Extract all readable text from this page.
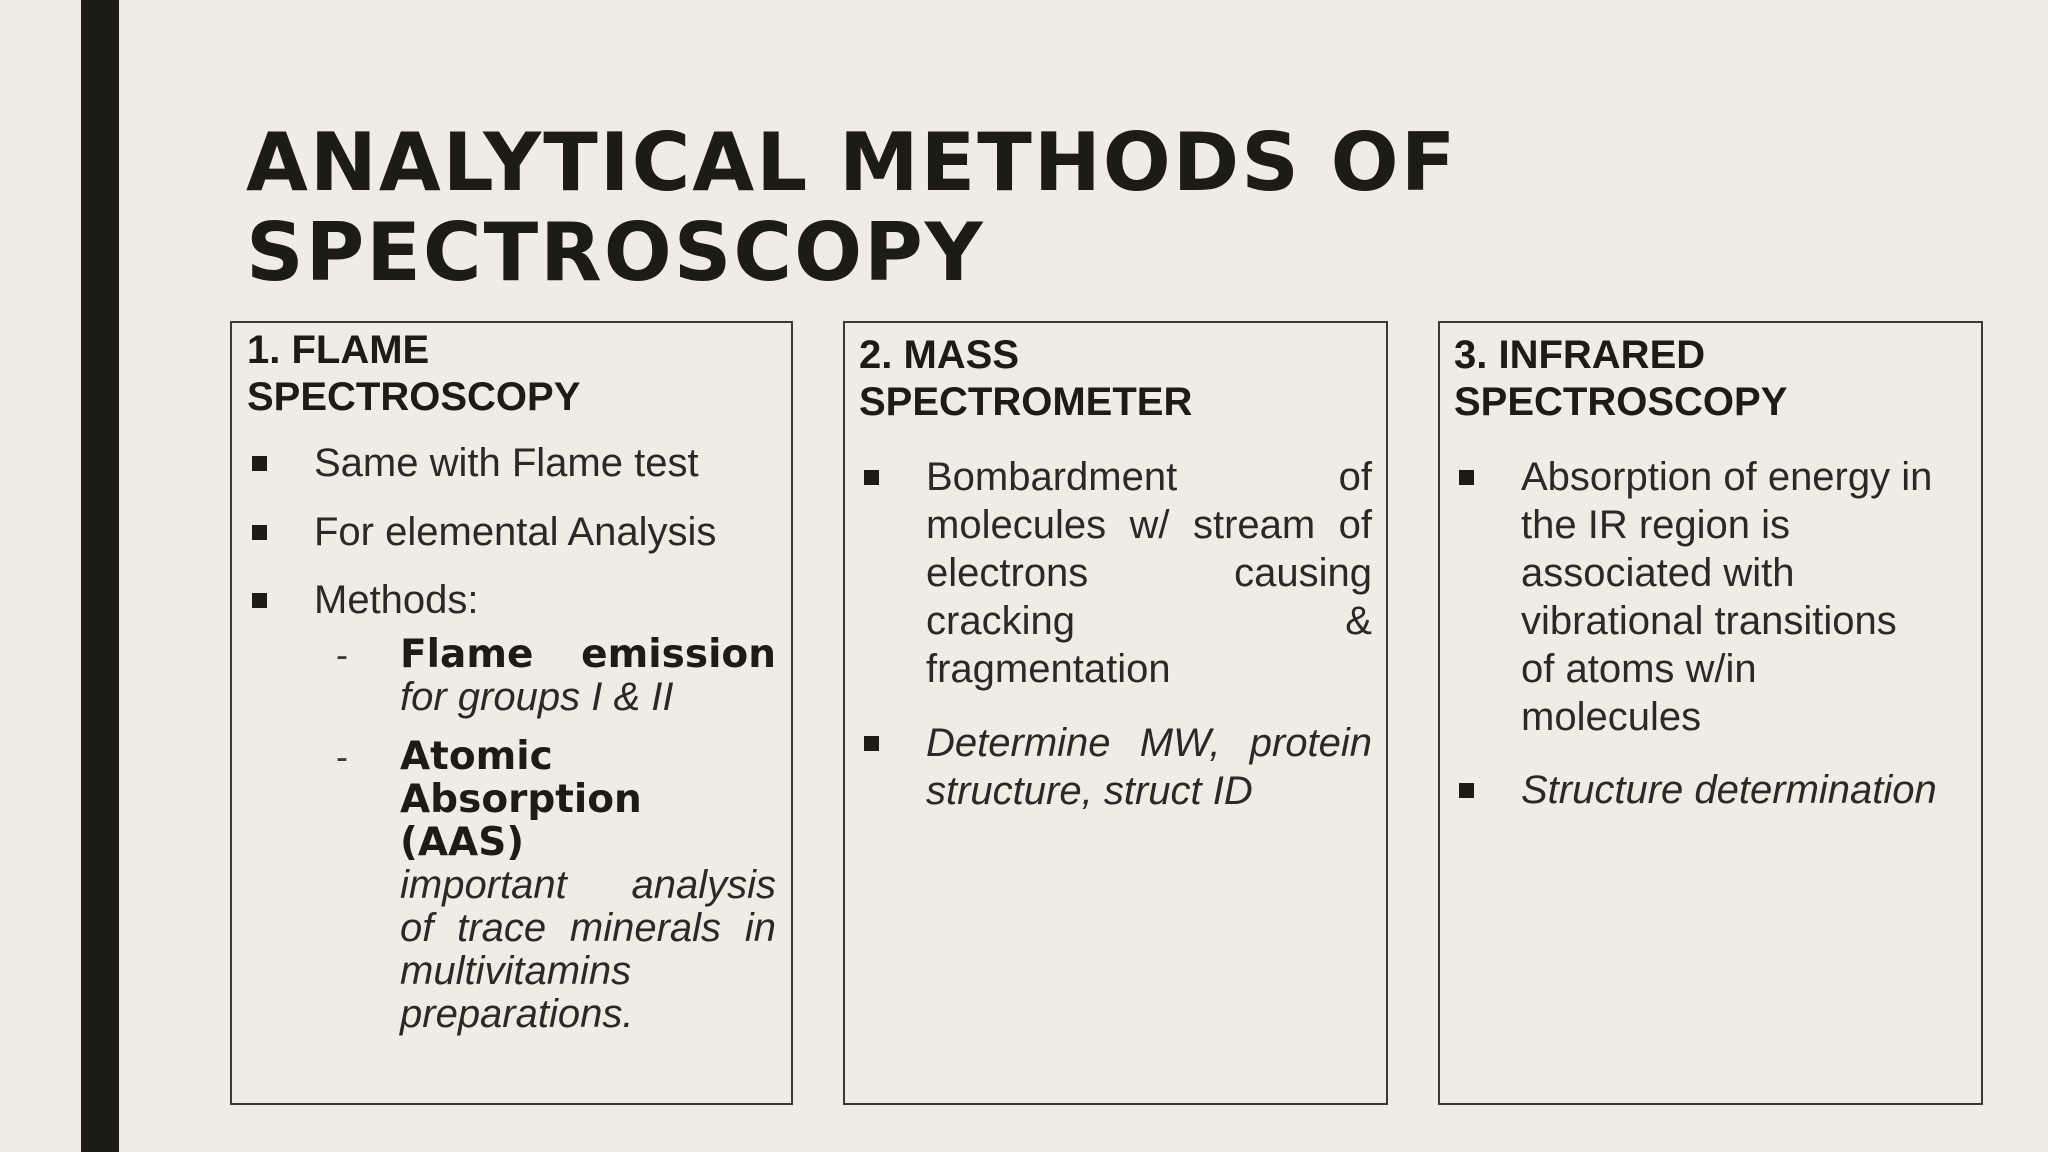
ANALYTICAL METHODS OF
SPECTROSCOPY
1. FLAME
SPECTROSCOPY
Same with Flame test
For elemental Analysis
Methods:
- Flame emission
for groups I & II
- Atomic
Absorption (AAS)
important analysis
of trace minerals in
multivitamins
preparations.
2. MASS
SPECTROMETER
Bombardment of
molecules w/ stream of
electrons causing
cracking &
fragmentation
Determine MW, protein
structure, struct ID
3. INFRARED
SPECTROSCOPY
Absorption of energy in
the IR region is
associated with
vibrational transitions
of atoms w/in
molecules
Structure determination
